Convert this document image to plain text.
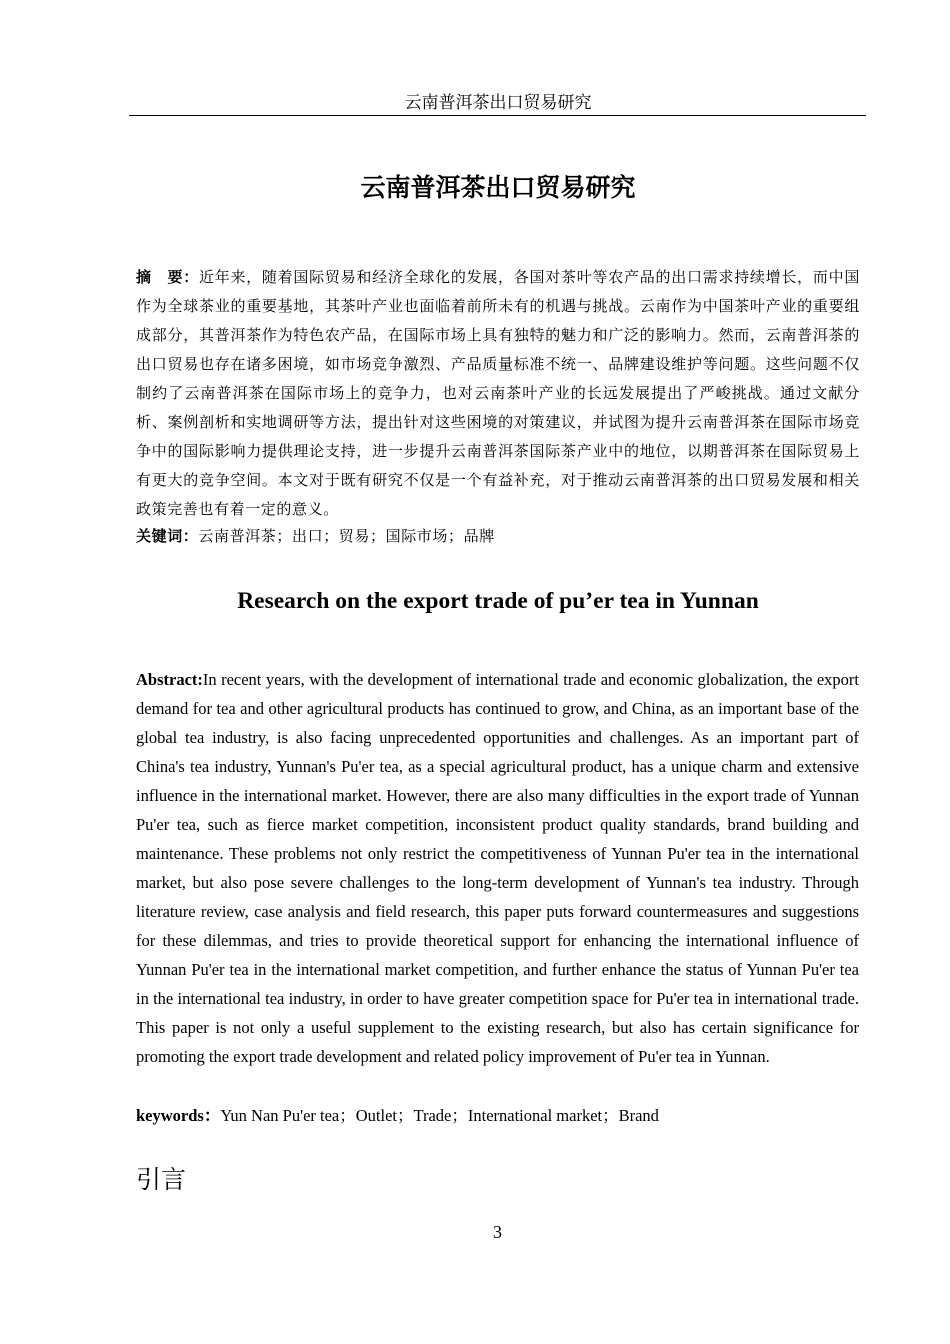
云南普洱茶出口贸易研究
云南普洱茶出口贸易研究
摘　要：近年来，随着国际贸易和经济全球化的发展，各国对茶叶等农产品的出口需求持续增长，而中国作为全球茶业的重要基地，其茶叶产业也面临着前所未有的机遇与挑战。云南作为中国茶叶产业的重要组成部分，其普洱茶作为特色农产品，在国际市场上具有独特的魅力和广泛的影响力。然而，云南普洱茶的出口贸易也存在诸多困境，如市场竞争激烈、产品质量标准不统一、品牌建设维护等问题。这些问题不仅制约了云南普洱茶在国际市场上的竞争力，也对云南茶叶产业的长远发展提出了严峻挑战。通过文献分析、案例剖析和实地调研等方法，提出针对这些困境的对策建议，并试图为提升云南普洱茶在国际市场竞争中的国际影响力提供理论支持，进一步提升云南普洱茶国际茶产业中的地位，以期普洱茶在国际贸易上有更大的竞争空间。本文对于既有研究不仅是一个有益补充，对于推动云南普洱茶的出口贸易发展和相关政策完善也有着一定的意义。
关键词：云南普洱茶；出口；贸易；国际市场；品牌
Research on the export trade of pu’er tea in Yunnan
Abstract:In recent years, with the development of international trade and economic globalization, the export demand for tea and other agricultural products has continued to grow, and China, as an important base of the global tea industry, is also facing unprecedented opportunities and challenges. As an important part of China's tea industry, Yunnan's Pu'er tea, as a special agricultural product, has a unique charm and extensive influence in the international market. However, there are also many difficulties in the export trade of Yunnan Pu'er tea, such as fierce market competition, inconsistent product quality standards, brand building and maintenance. These problems not only restrict the competitiveness of Yunnan Pu'er tea in the international market, but also pose severe challenges to the long-term development of Yunnan's tea industry. Through literature review, case analysis and field research, this paper puts forward countermeasures and suggestions for these dilemmas, and tries to provide theoretical support for enhancing the international influence of Yunnan Pu'er tea in the international market competition, and further enhance the status of Yunnan Pu'er tea in the international tea industry, in order to have greater competition space for Pu'er tea in international trade. This paper is not only a useful supplement to the existing research, but also has certain significance for promoting the export trade development and related policy improvement of Pu'er tea in Yunnan.
keywords：Yun Nan Pu'er tea；Outlet；Trade；International market；Brand
引言
3
